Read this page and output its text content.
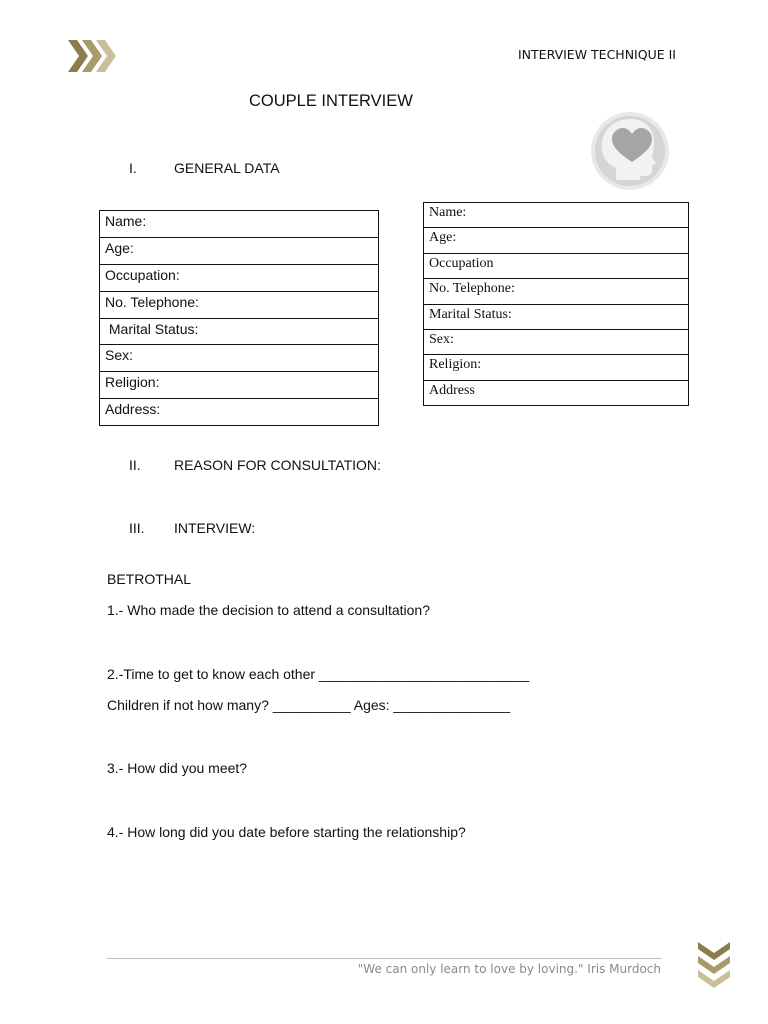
INTERVIEW TECHNIQUE II
COUPLE INTERVIEW
I.	GENERAL DATA
Name:
Age:
Occupation:
No. Telephone:
Marital Status:
Sex:
Religion:
Address:
Name:
Age:
Occupation
No. Telephone:
Marital Status:
Sex:
Religion:
Address
II. REASON FOR CONSULTATION:
III. INTERVIEW:
BETROTHAL
1.- Who made the decision to attend a consultation?
2.-Time to get to know each other ___________________________
Children if not how many? __________ Ages: _______________
3.- How did you meet?
4.- How long did you date before starting the relationship?
"We can only learn to love by loving." Iris Murdoch
